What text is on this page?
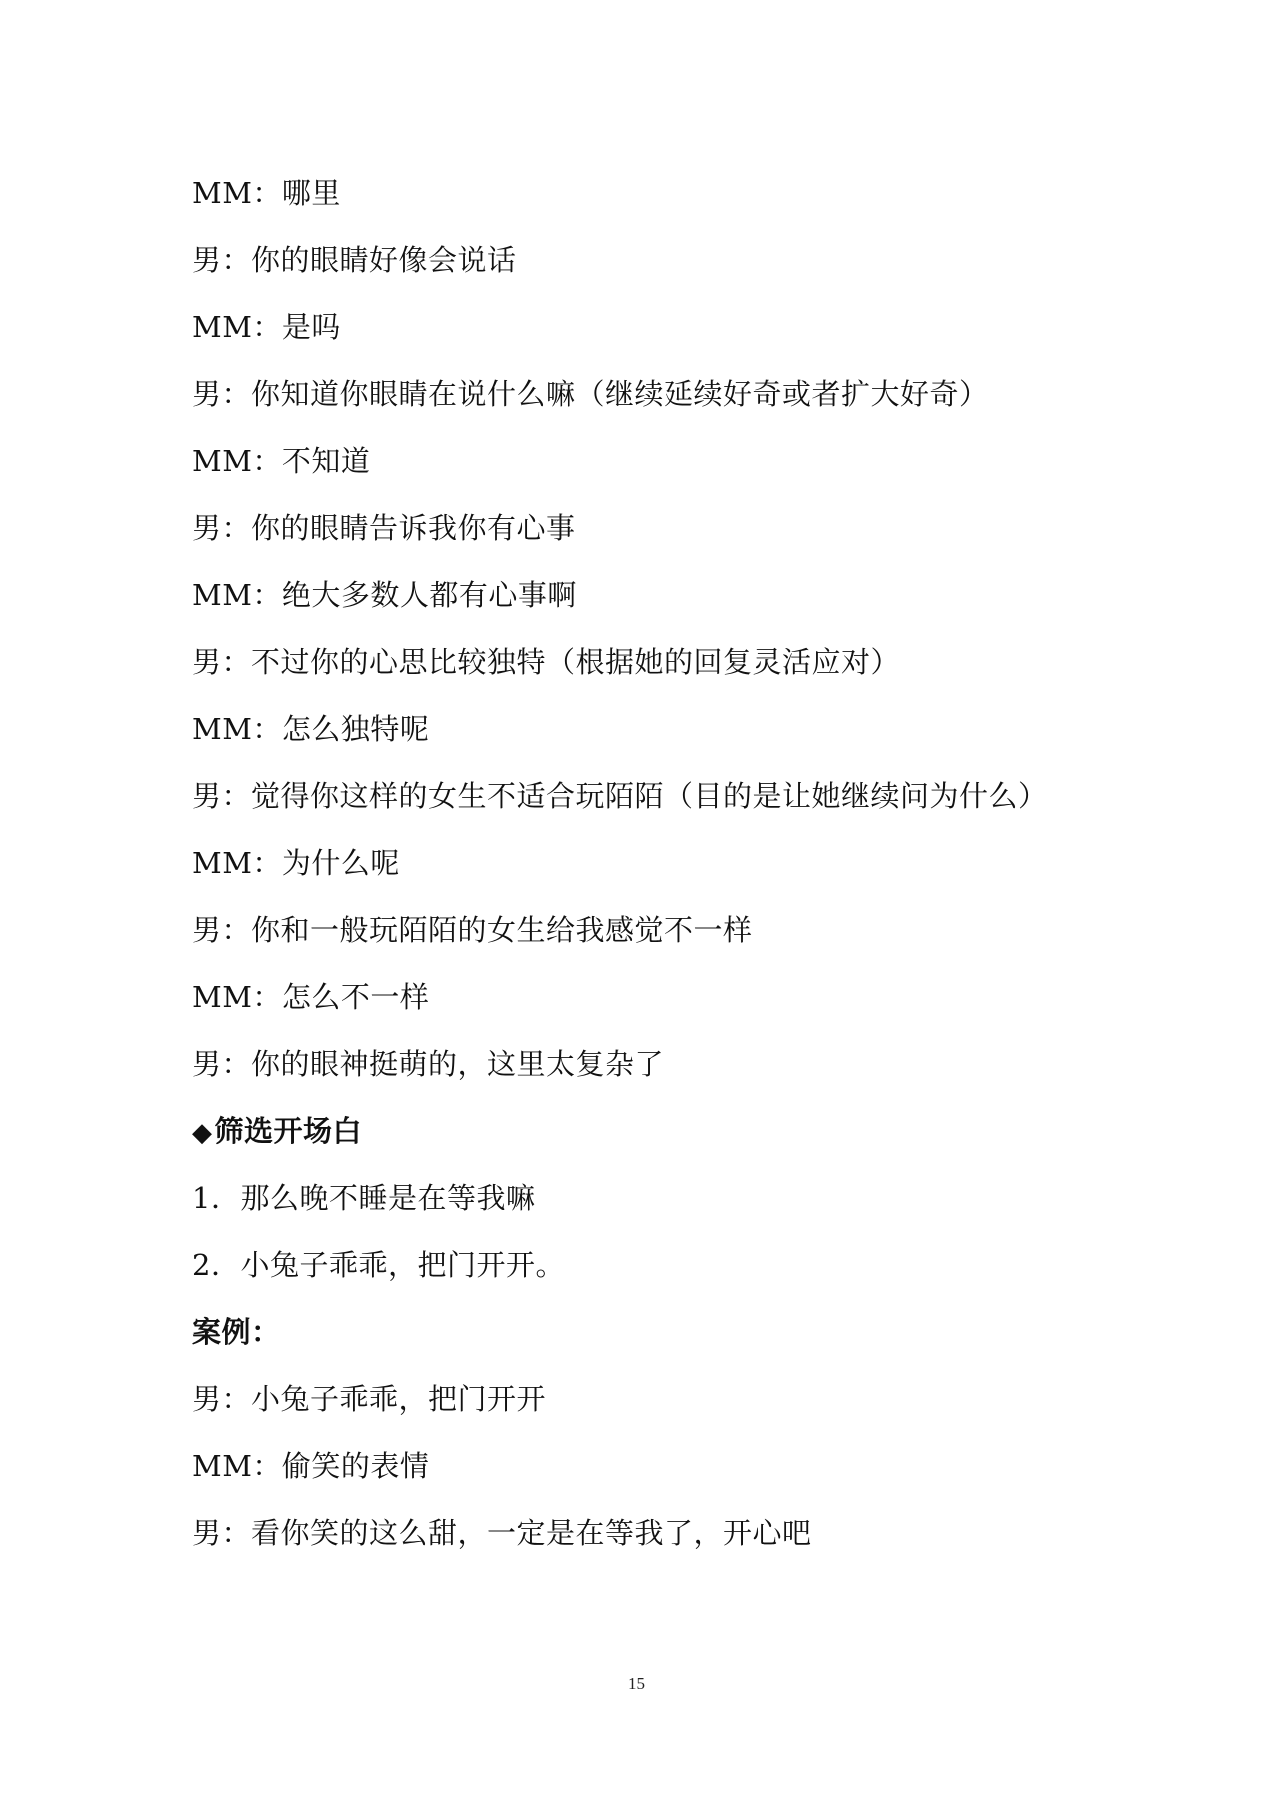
MM：哪里
男：你的眼睛好像会说话
MM：是吗
男：你知道你眼睛在说什么嘛（继续延续好奇或者扩大好奇）
MM：不知道
男：你的眼睛告诉我你有心事
MM：绝大多数人都有心事啊
男：不过你的心思比较独特（根据她的回复灵活应对）
MM：怎么独特呢
男：觉得你这样的女生不适合玩陌陌（目的是让她继续问为什么）
MM：为什么呢
男：你和一般玩陌陌的女生给我感觉不一样
MM：怎么不一样
男：你的眼神挺萌的，这里太复杂了
◆筛选开场白
1．那么晚不睡是在等我嘛
2．小兔子乖乖，把门开开。
案例：
男：小兔子乖乖，把门开开
MM：偷笑的表情
男：看你笑的这么甜，一定是在等我了，开心吧
15
